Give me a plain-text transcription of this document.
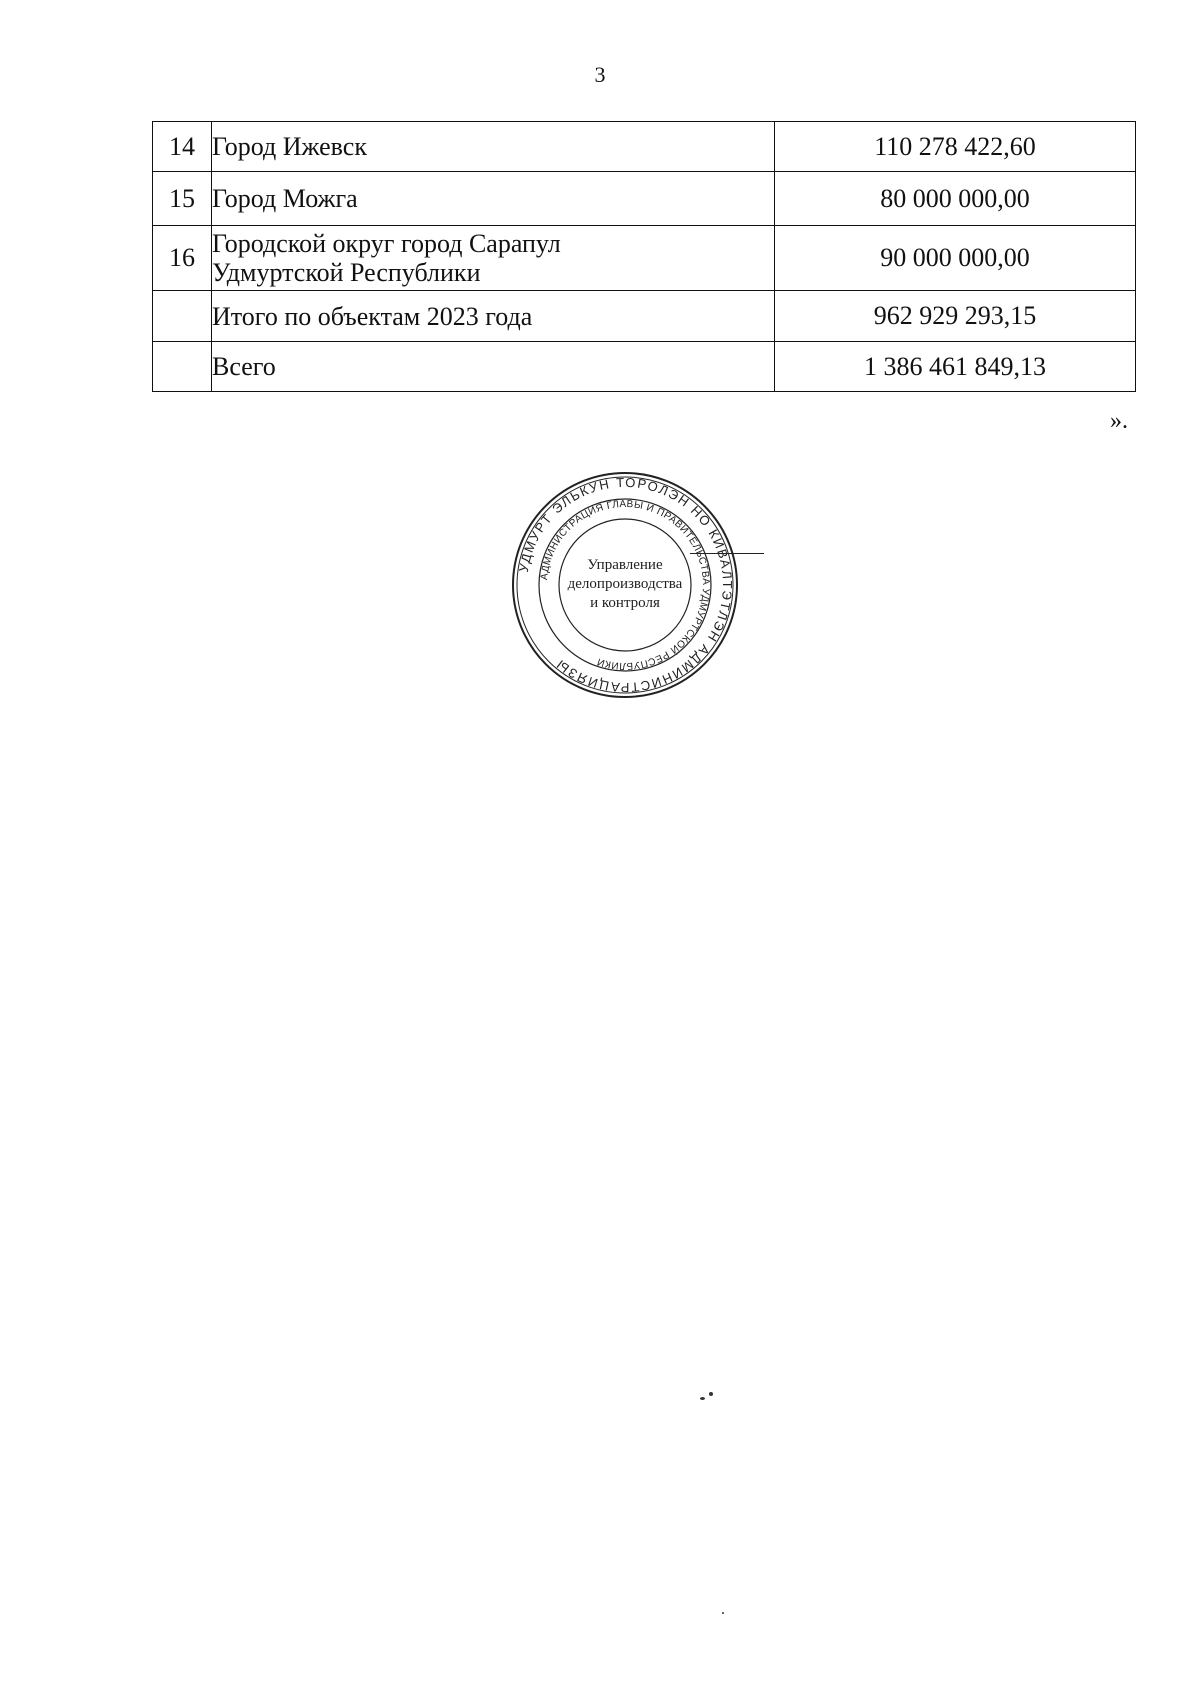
3
14	Город Ижевск	110 278 422,60
15	Город Можга	80 000 000,00
16	Городской округ город Сарапул
Удмуртской Республики	90 000 000,00
	Итого по объектам 2023 года	962 929 293,15
	Всего	1 386 461 849,13
».
УДМУРТ ЭЛЬКУН ТОРОЛЭН НО КИВАЛТЭТЛЭН АДМИНИСТРАЦИЯЗЫ
АДМИНИСТРАЦИЯ ГЛАВЫ И ПРАВИТЕЛЬСТВА УДМУРТСКОЙ РЕСПУБЛИКИ
Управление
делопроизводства
и контроля
